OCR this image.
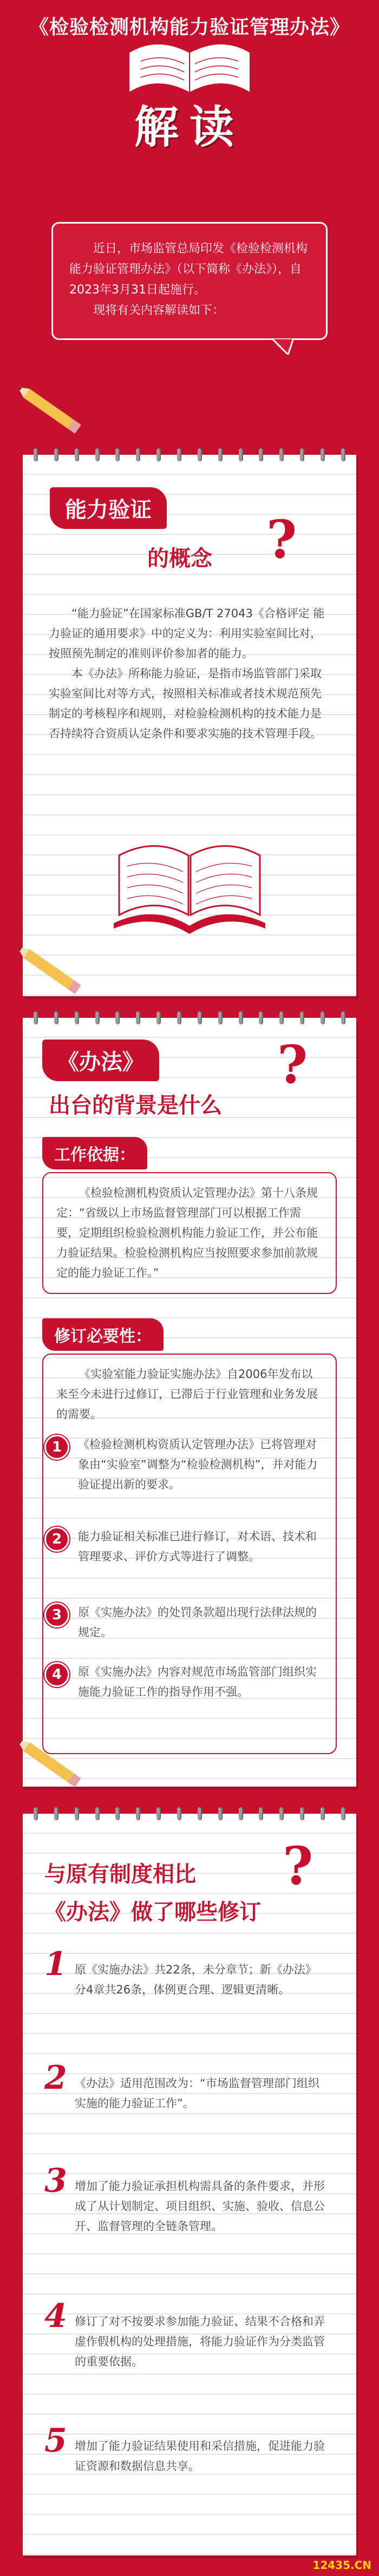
《检验检测机构能力验证管理办法》
解读

近日，市场监管总局印发《检验检测机构能力验证管理办法》（以下简称《办法》），自2023年3月31日起施行。

现将有关内容解读如下：

能力验证
的概念 ?

“能力验证”在国家标准GB/T 27043《合格评定 能力验证的通用要求》中的定义为：利用实验室间比对，按照预先制定的准则评价参加者的能力。

本《办法》所称能力验证，是指市场监管部门采取实验室间比对等方式，按照相关标准或者技术规范预先制定的考核程序和规则，对检验检测机构的技术能力是否持续符合资质认定条件和要求实施的技术管理手段。

《办法》
出台的背景是什么
?
工作依据：

《检验检测机构资质认定管理办法》第十八条规定：“省级以上市场监督管理部门可以根据工作需要，定期组织检验检测机构能力验证工作，并公布能力验证结果。检验检测机构应当按照要求参加前款规定的能力验证工作。”

修订必要性：

《实验室能力验证实施办法》自2006年发布以来至今未进行过修订，已滞后于行业管理和业务发展的需要。

1	《检验检测机构资质认定管理办法》已将管理对象由“实验室”调整为“检验检测机构”，并对能力验证提出新的要求。
2	能力验证相关标准已进行修订，对术语、技术和管理要求、评价方式等进行了调整。
3	原《实施办法》的处罚条款超出现行法律法规的规定。
4	原《实施办法》内容对规范市场监管部门组织实施能力验证工作的指导作用不强。
与原有制度相比
《办法》做了哪些修订
?
1 原《实施办法》共22条，未分章节；新《办法》分4章共26条，体例更合理、逻辑更清晰。
2 《办法》适用范围改为：“市场监督管理部门组织实施的能力验证工作”。
3 增加了能力验证承担机构需具备的条件要求，并形成了从计划制定、项目组织、实施、验收、信息公开、监督管理的全链条管理。
4 修订了对不按要求参加能力验证、结果不合格和弄虚作假机构的处理措施，将能力验证作为分类监管的重要依据。
5 增加了能力验证结果使用和采信措施，促进能力验证资源和数据信息共享。
12435.CN
